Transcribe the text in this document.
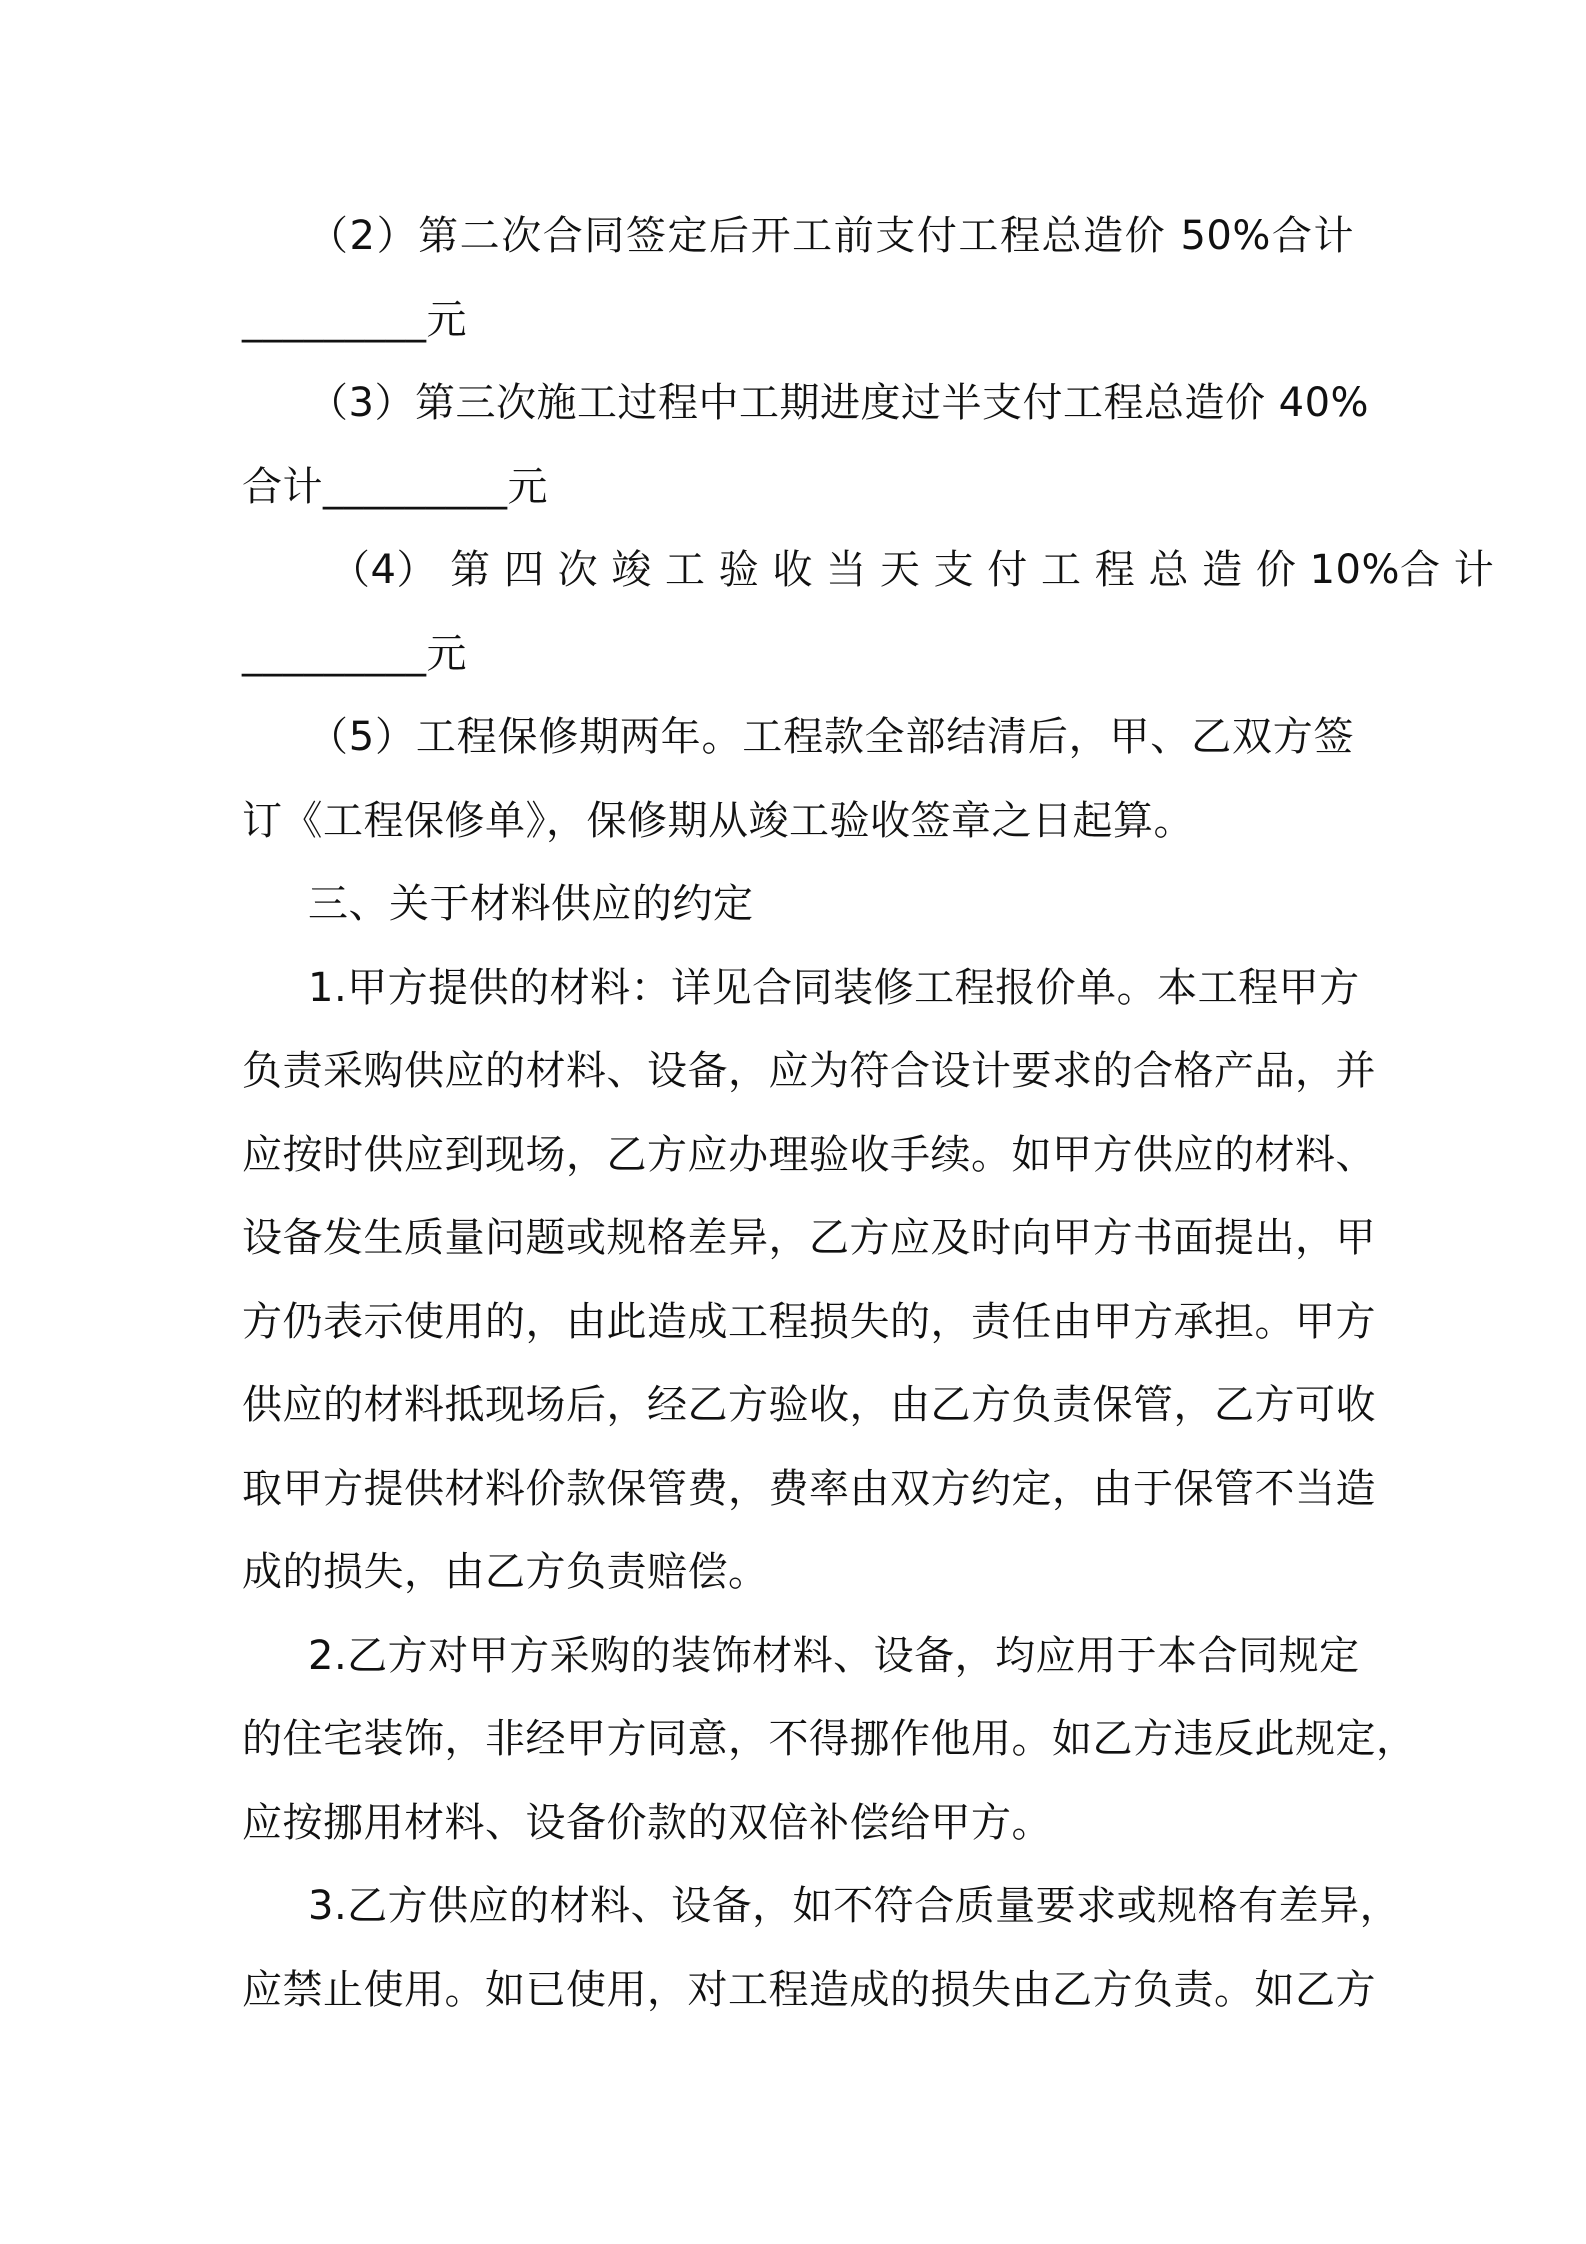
（2）第二次合同签定后开工前支付工程总造价 50%合计
_________元
（3）第三次施工过程中工期进度过半支付工程总造价 40%
合计_________元
（4） 第 四 次 竣 工 验 收 当 天 支 付 工 程 总 造 价 10%合 计
_________元
（5）工程保修期两年。工程款全部结清后，甲、乙双方签
订《工程保修单》，保修期从竣工验收签章之日起算。
三、关于材料供应的约定
1.甲方提供的材料：详见合同装修工程报价单。本工程甲方
负责采购供应的材料、设备，应为符合设计要求的合格产品，并
应按时供应到现场，乙方应办理验收手续。如甲方供应的材料、
设备发生质量问题或规格差异，乙方应及时向甲方书面提出，甲
方仍表示使用的，由此造成工程损失的，责任由甲方承担。甲方
供应的材料抵现场后，经乙方验收，由乙方负责保管，乙方可收
取甲方提供材料价款保管费，费率由双方约定，由于保管不当造
成的损失，由乙方负责赔偿。
2.乙方对甲方采购的装饰材料、设备，均应用于本合同规定
的住宅装饰，非经甲方同意，不得挪作他用。如乙方违反此规定，
应按挪用材料、设备价款的双倍补偿给甲方。
3.乙方供应的材料、设备，如不符合质量要求或规格有差异，
应禁止使用。如已使用，对工程造成的损失由乙方负责。如乙方
